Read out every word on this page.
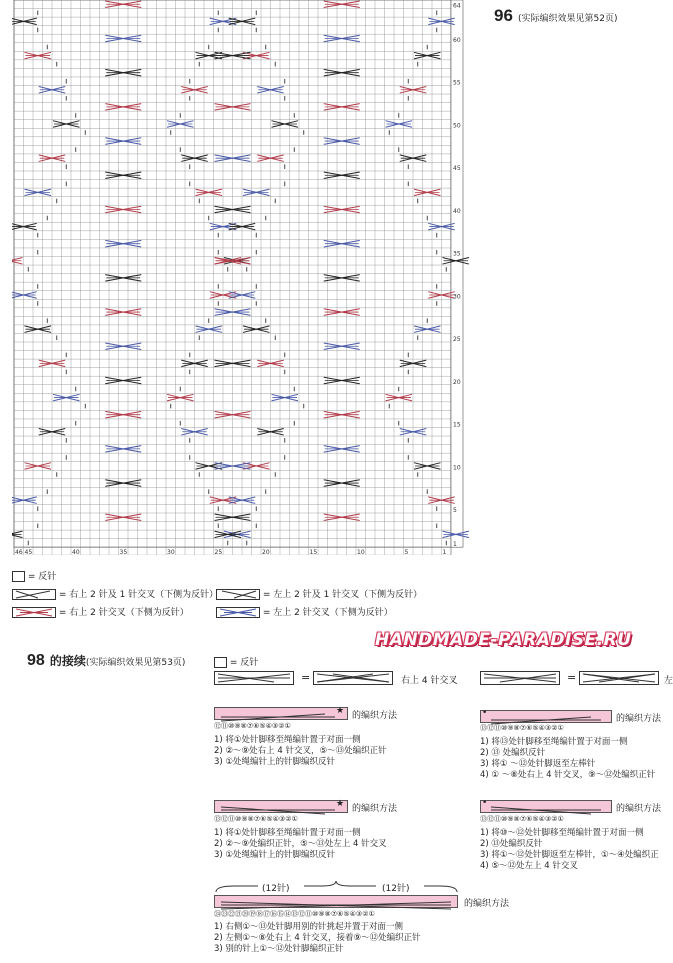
1
5
10
15
20
25
30
35
40
45
50
55
60
64
46 45	40	35	30	25	20	15	10	5	1
96 (实际编织效果见第52页)
= 反针
= 右上 2 针及 1 针交叉（下侧为反针）	= 左上 2 针及 1 针交叉（下侧为反针）
= 右上 2 针交叉（下侧为反针）	= 左上 2 针交叉（下侧为反针）
HANDMADE-PARADISE.RU
98 的接续(实际编织效果见第53页)	= 反针
=	右上 4 针交叉	=	左
★ 的编织方法
⑫⑪⑩⑨⑧⑦⑥⑤④③②①
1) 将①处针脚移至绳编针置于对面一侧
2) ②～⑨处右上 4 针交叉，⑤～⑬处编织正针
3) ①处绳编针上的针脚编织反针
•
的编织方法
⑬⑫⑪⑩⑨⑧⑦⑥⑤④③②①
1) 将⑬处针脚移至绳编针置于对面一侧
2) ⑬ 处编织反针
3) 将① ～⑫处针脚返至左棒针
4) ① ～⑧处右上 4 针交叉，⑨～⑫处编织正针
★ 的编织方法
⑬⑫⑪⑩⑨⑧⑦⑥⑤④③②①
1) 将①处针脚移至绳编针置于对面一侧
2) ②～⑨处编织正针，⑤～⑬处左上 4 针交叉
3) ①处绳编针上的针脚编织反针
•
的编织方法
⑬⑫⑪⑩⑨⑧⑦⑥⑤④③②①
1) 将⑩～⑫处针脚移至绳编针置于对面一侧
2) ⑬处编织反针
3) 将①～⑫处针脚返至左棒针，①～④处编织正
4) ⑤～⑫处左上 4 针交叉
(12针)	(12针)
的编织方法
㉔㉓㉒㉑⑳⑲⑱⑰⑯⑮⑭⑬⑫⑪⑩⑨⑧⑦⑥⑤④③②①
1) 右侧①～⑬处针脚用别的针挑起并置于对面一侧
2) 左侧①～⑧处右上 4 针交叉，接着⑨～⑫处编织正针
3) 别的针上①～⑫处针脚编织正针
